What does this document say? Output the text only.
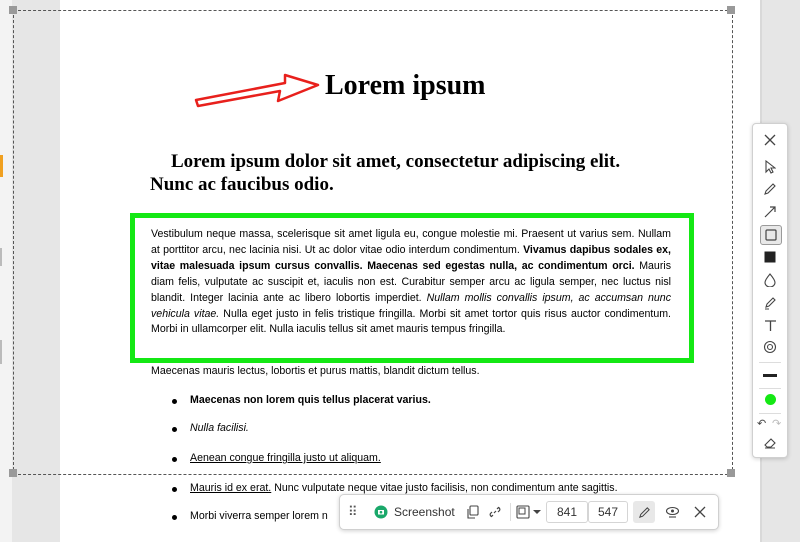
Lorem ipsum
Lorem ipsum dolor sit amet, consectetur adipiscing elit. Nunc ac faucibus odio.
Vestibulum neque massa, scelerisque sit amet ligula eu, congue molestie mi. Praesent ut varius sem. Nullam at porttitor arcu, nec lacinia nisi. Ut ac dolor vitae odio interdum condimentum. Vivamus dapibus sodales ex, vitae malesuada ipsum cursus convallis. Maecenas sed egestas nulla, ac condimentum orci. Mauris diam felis, vulputate ac suscipit et, iaculis non est. Curabitur semper arcu ac ligula semper, nec luctus nisl blandit. Integer lacinia ante ac libero lobortis imperdiet. Nullam mollis convallis ipsum, ac accumsan nunc vehicula vitae. Nulla eget justo in felis tristique fringilla. Morbi sit amet tortor quis risus auctor condimentum. Morbi in ullamcorper elit. Nulla iaculis tellus sit amet mauris tempus fringilla.
Maecenas mauris lectus, lobortis et purus mattis, blandit dictum tellus.
Maecenas non lorem quis tellus placerat varius.
Nulla facilisi.
Aenean congue fringilla justo ut aliquam.
Mauris id ex erat. Nunc vulputate neque vitae justo facilisis, non condimentum ante sagittis.
Morbi viverra semper lorem n
↶ ↷
⠿	Screenshot	841	547
